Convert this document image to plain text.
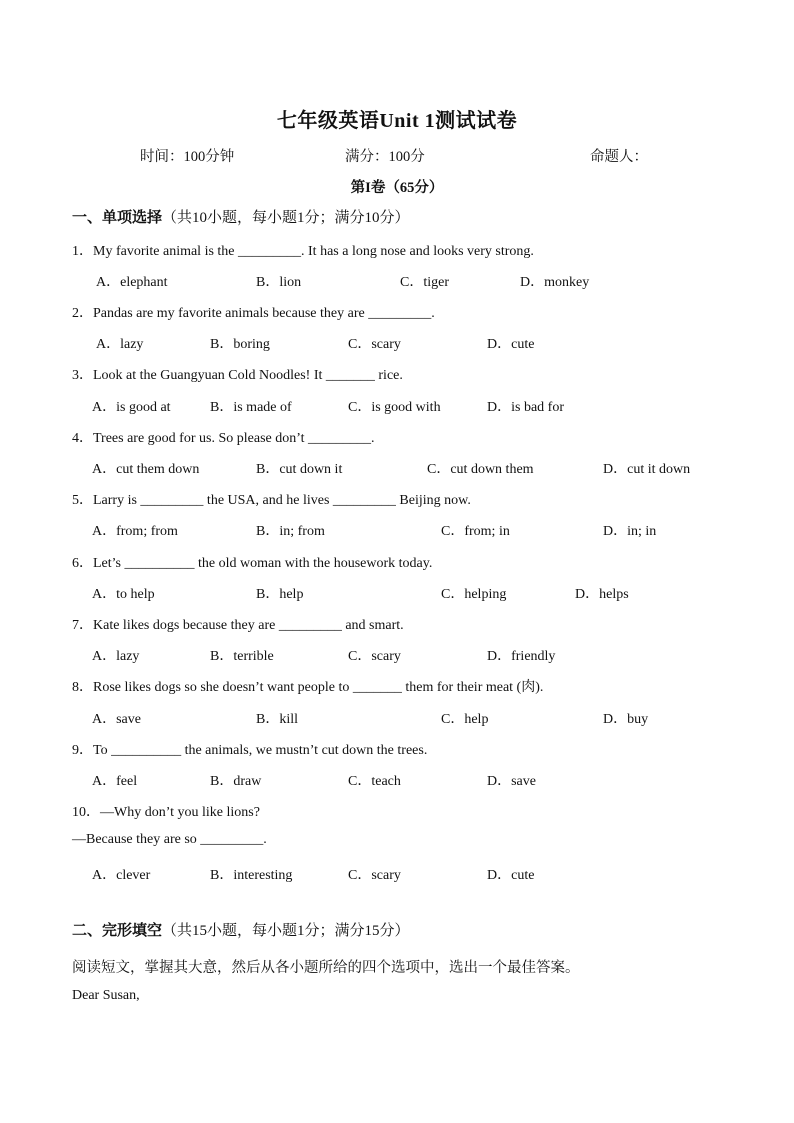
七年级英语Unit 1测试试卷
时间：100分钟	满分：100分	命题人：
第I卷（65分）
一、单项选择（共10小题，每小题1分；满分10分）
1．My favorite animal is the _________. It has a long nose and looks very strong.
A．elephant	B．lion	C．tiger	D．monkey
2．Pandas are my favorite animals because they are _________.
A．lazy	B．boring	C．scary	D．cute
3．Look at the Guangyuan Cold Noodles! It _______ rice.
A．is good at	B．is made of	C．is good with	D．is bad for
4．Trees are good for us. So please don’t _________.
A．cut them down	B．cut down it	C．cut down them	D．cut it down
5．Larry is _________ the USA, and he lives _________ Beijing now.
A．from; from	B．in; from	C．from; in	D．in; in
6．Let’s __________ the old woman with the housework today.
A．to help	B．help	C．helping	D．helps
7．Kate likes dogs because they are _________ and smart.
A．lazy	B．terrible	C．scary	D．friendly
8．Rose likes dogs so she doesn’t want people to _______ them for their meat (肉).
A．save	B．kill	C．help	D．buy
9．To __________ the animals, we mustn’t cut down the trees.
A．feel	B．draw	C．teach	D．save
10．—Why don’t you like lions?
—Because they are so _________.
A．clever	B．interesting	C．scary	D．cute
二、完形填空（共15小题，每小题1分；满分15分）
阅读短文，掌握其大意，然后从各小题所给的四个选项中，选出一个最佳答案。
Dear Susan,
